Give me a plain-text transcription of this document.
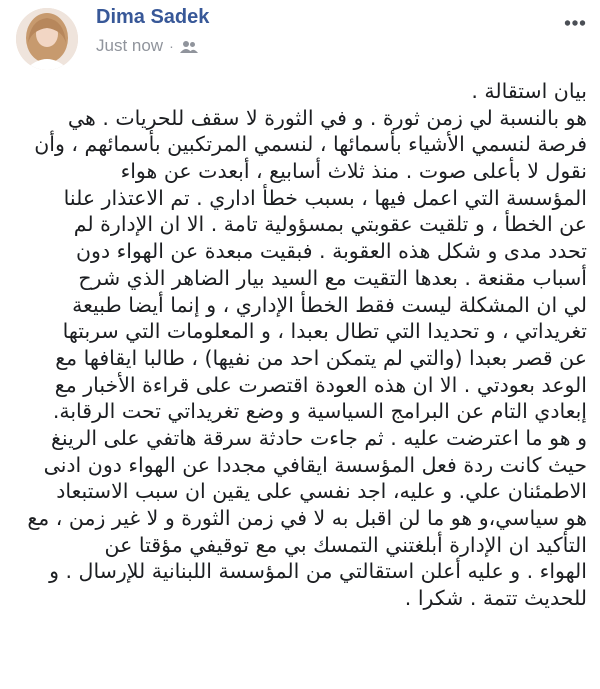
Dima Sadek
Just now ·
بيان استقالة .
هو بالنسبة لي زمن ثورة . و في الثورة لا سقف للحريات . هي
فرصة لنسمي الأشياء بأسمائها ، لنسمي المرتكبين بأسمائهم ، وأن
نقول لا بأعلى صوت . منذ ثلاث أسابيع ، أبعدت عن هواء
المؤسسة التي اعمل فيها ، بسبب خطأ اداري . تم الاعتذار علنا
عن الخطأ ، و تلقيت عقوبتي بمسؤولية تامة . الا ان الإدارة لم
تحدد مدى و شكل هذه العقوبة . فبقيت مبعدة عن الهواء دون
أسباب مقنعة . بعدها التقيت مع السيد بيار الضاهر الذي شرح
لي ان المشكلة ليست فقط الخطأ الإداري ، و إنما أيضا طبيعة
تغريداتي ، و تحديدا التي تطال بعبدا ، و المعلومات التي سربتها
عن قصر بعبدا (والتي لم يتمكن احد من نفيها) ، طالبا ايقافها مع
الوعد بعودتي . الا ان هذه العودة اقتصرت على قراءة الأخبار مع
إبعادي التام عن البرامج السياسية و وضع تغريداتي تحت الرقابة.
و هو ما اعترضت عليه . ثم جاءت حادثة سرقة هاتفي على الرينغ
حيث كانت ردة فعل المؤسسة ايقافي مجددا عن الهواء دون ادنى
الاطمئنان علي. و عليه، اجد نفسي على يقين ان سبب الاستبعاد
هو سياسي،و هو ما لن اقبل به لا في زمن الثورة و لا غير زمن ، مع
التأكيد ان الإدارة أبلغتني التمسك بي مع توقيفي مؤقتا عن
الهواء . و عليه أعلن استقالتي من المؤسسة اللبنانية للإرسال . و
للحديث تتمة . شكرا .
